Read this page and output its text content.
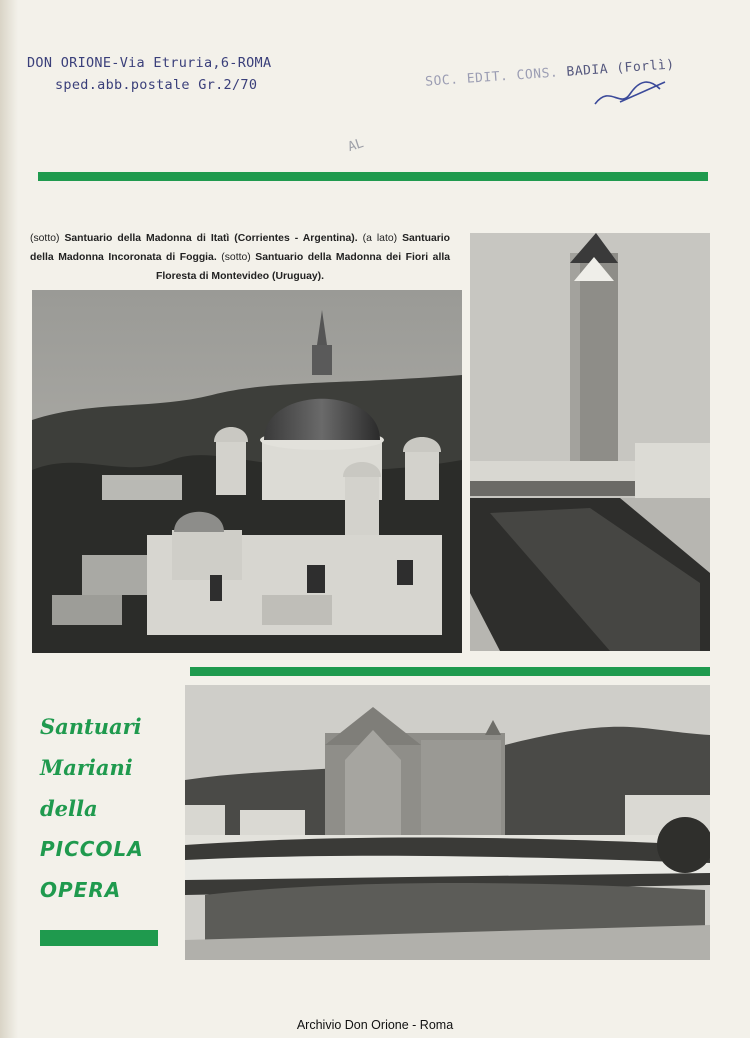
DON ORIONE-Via Etruria,6-ROMA
sped.abb.postale Gr.2/70	SOC. EDIT. CONS. BADIA (Forlì)
AL
(sotto) Santuario della Madonna di Itatì (Corrientes - Argentina). (a lato) Santuario della Madonna Incoronata di Foggia. (sotto) Santuario della Madonna dei Fiori alla Floresta di Montevideo (Uruguay).
Santuari
Mariani
della
PICCOLA
OPERA
Archivio Don Orione - Roma
